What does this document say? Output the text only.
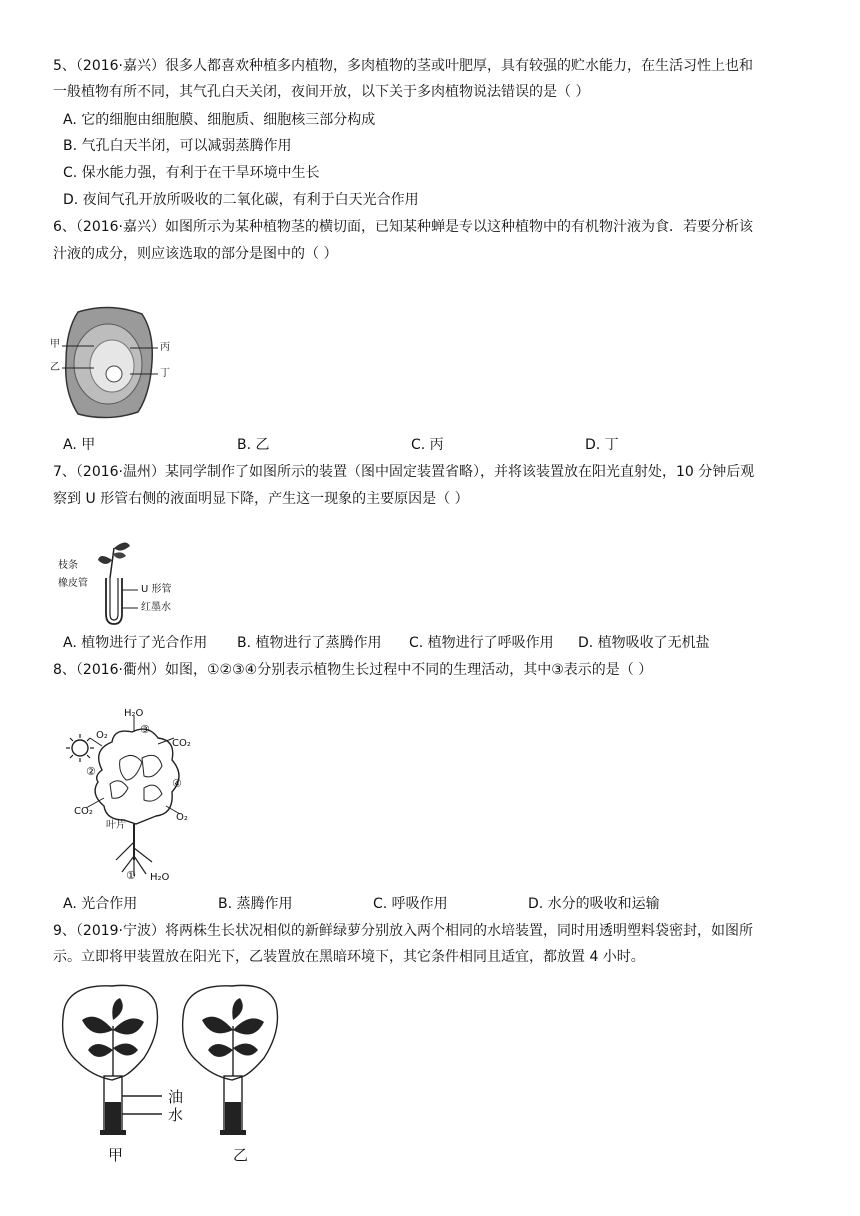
5、（2016·嘉兴）很多人都喜欢种植多内植物，多肉植物的茎或叶肥厚，具有较强的贮水能力，在生活习性上也和
一般植物有所不同，其气孔白天关闭，夜间开放，以下关于多肉植物说法错误的是（ ）
A. 它的细胞由细胞膜、细胞质、细胞核三部分构成
B. 气孔白天半闭，可以减弱蒸腾作用
C. 保水能力强，有利于在干旱环境中生长
D. 夜间气孔开放所吸收的二氧化碳，有利于白天光合作用
6、（2016·嘉兴）如图所示为某种植物茎的横切面，已知某种蝉是专以这种植物中的有机物汁液为食．若要分析该
汁液的成分，则应该选取的部分是图中的（ ）
甲
乙
丙
丁
A. 甲	B. 乙	C. 丙	D. 丁
7、（2016·温州）某同学制作了如图所示的装置（图中固定装置省略），并将该装置放在阳光直射处，10 分钟后观
察到 U 形管右侧的液面明显下降，产生这一现象的主要原因是（ ）
枝条
橡皮管
U 形管
红墨水
A. 植物进行了光合作用 B. 植物进行了蒸腾作用 C. 植物进行了呼吸作用 D. 植物吸收了无机盐
8、（2016·衢州）如图，①②③④分别表示植物生长过程中不同的生理活动，其中③表示的是（ ）
H₂O
O₂
CO₂
CO₂
O₂
叶片
H₂O
①
②
③
④
A. 光合作用	B. 蒸腾作用	C. 呼吸作用	D. 水分的吸收和运输
9、（2019·宁波）将两株生长状况相似的新鲜绿萝分别放入两个相同的水培装置，同时用透明塑料袋密封，如图所
示。立即将甲装置放在阳光下，乙装置放在黑暗环境下，其它条件相同且适宜，都放置 4 小时。
油
水
甲	乙
